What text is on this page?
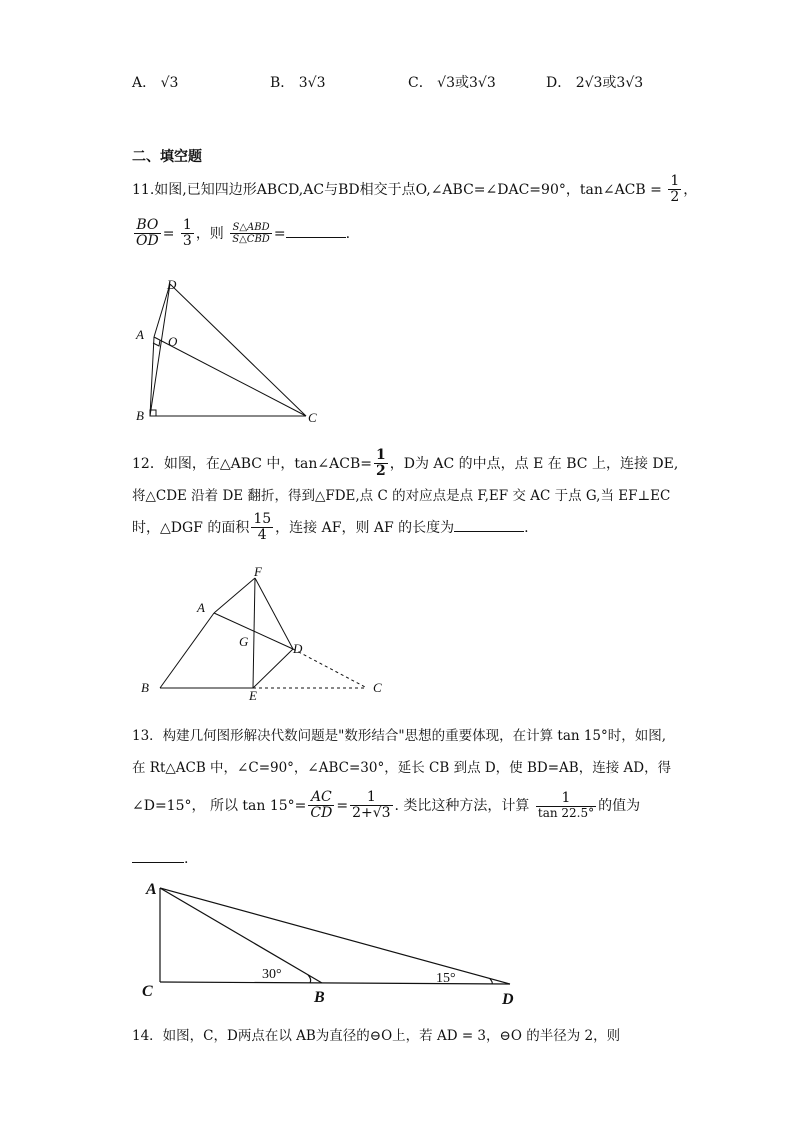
A． √3	B． 3√3	C． √3或3√3	D． 2√3或3√3
二、填空题
11.如图,已知四边形ABCD,AC与BD相交于点O,∠ABC=∠DAC=90°，tan∠ACB = $\frac{1}{2}$ ，
$\frac{BO}{OD} = \frac{1}{3}$ ，则 $\frac{\text{S△ABD}}{\text{S△CBD}}$ =	.
D
A O
B	C
12．如图，在△ABC 中，tan∠ACB= $\frac{1}{2}$ ，D为 AC 的中点，点 E 在 BC 上，连接 DE,
将△CDE 沿着 DE 翻折，得到△FDE,点 C 的对应点是点 F,EF 交 AC 于点 G,当 EF⊥EC
时，△DGF 的面积 $\frac{15}{4}$ ，连接 AF，则 AF 的长度为	.
F
A
G	D
B
E
C
13．构建几何图形解决代数问题是"数形结合"思想的重要体现，在计算 tan 15°时，如图,
在 Rt△ACB 中，∠C=90°，∠ABC=30°，延长 CB 到点 D，使 BD=AB，连接 AD，得
∠D=15°， 所以 $\tan 15^\circ= \frac{AC}{CD} = \frac{1}{2+√3}$ . 类比这种方法，计算 $\frac{1}{\tan 22.5^\circ}$ 的值为
.
A
C	B	D
30°	15°
14．如图，C，D两点在以 AB为直径的⊖O上，若 AD = 3，⊖O 的半径为 2，则
